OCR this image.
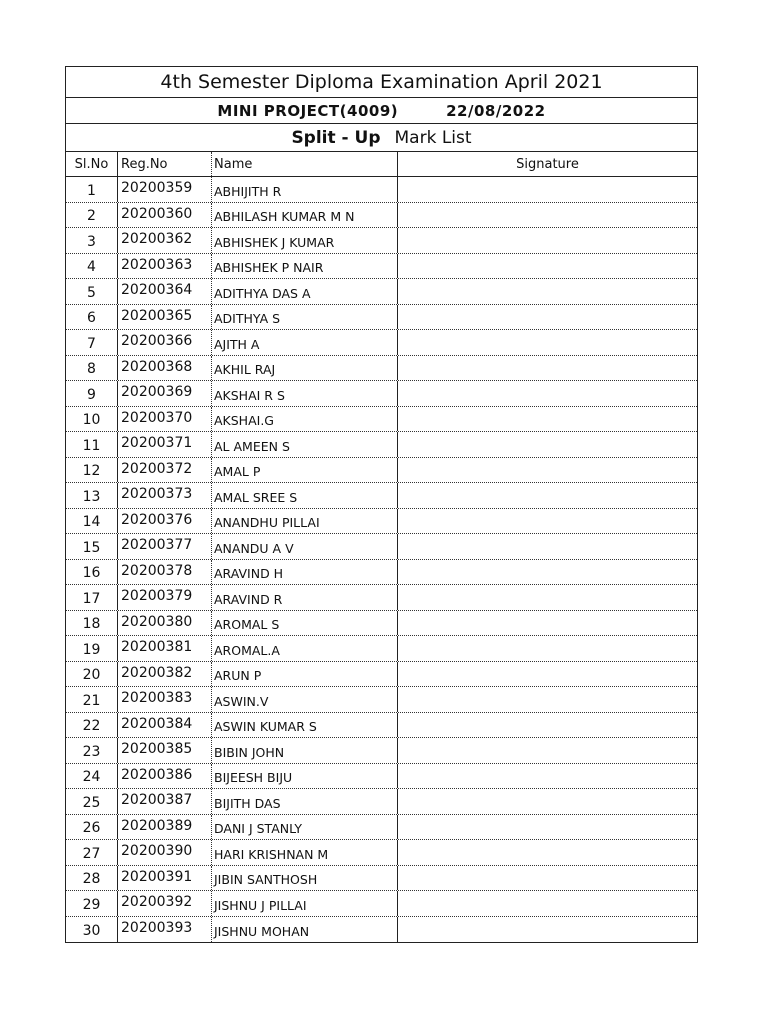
4th Semester Diploma Examination April 2021
MINI PROJECT(4009)	22/08/2022
Split - Up Mark List
Sl.No Reg.No	Name	Signature
1	20200359	ABHIJITH R
2	20200360	ABHILASH KUMAR M N
3	20200362	ABHISHEK J KUMAR
4	20200363	ABHISHEK P NAIR
5	20200364	ADITHYA DAS A
6	20200365	ADITHYA S
7	20200366	AJITH A
8	20200368	AKHIL RAJ
9	20200369	AKSHAI R S
10	20200370	AKSHAI.G
11	20200371	AL AMEEN S
12	20200372	AMAL P
13	20200373	AMAL SREE S
14	20200376	ANANDHU PILLAI
15	20200377	ANANDU A V
16	20200378	ARAVIND H
17	20200379	ARAVIND R
18	20200380	AROMAL S
19	20200381	AROMAL.A
20	20200382	ARUN P
21	20200383	ASWIN.V
22	20200384	ASWIN KUMAR S
23	20200385	BIBIN JOHN
24	20200386	BIJEESH BIJU
25	20200387	BIJITH DAS
26	20200389	DANI J STANLY
27	20200390	HARI KRISHNAN M
28	20200391	JIBIN SANTHOSH
29	20200392	JISHNU J PILLAI
30	20200393	JISHNU MOHAN
